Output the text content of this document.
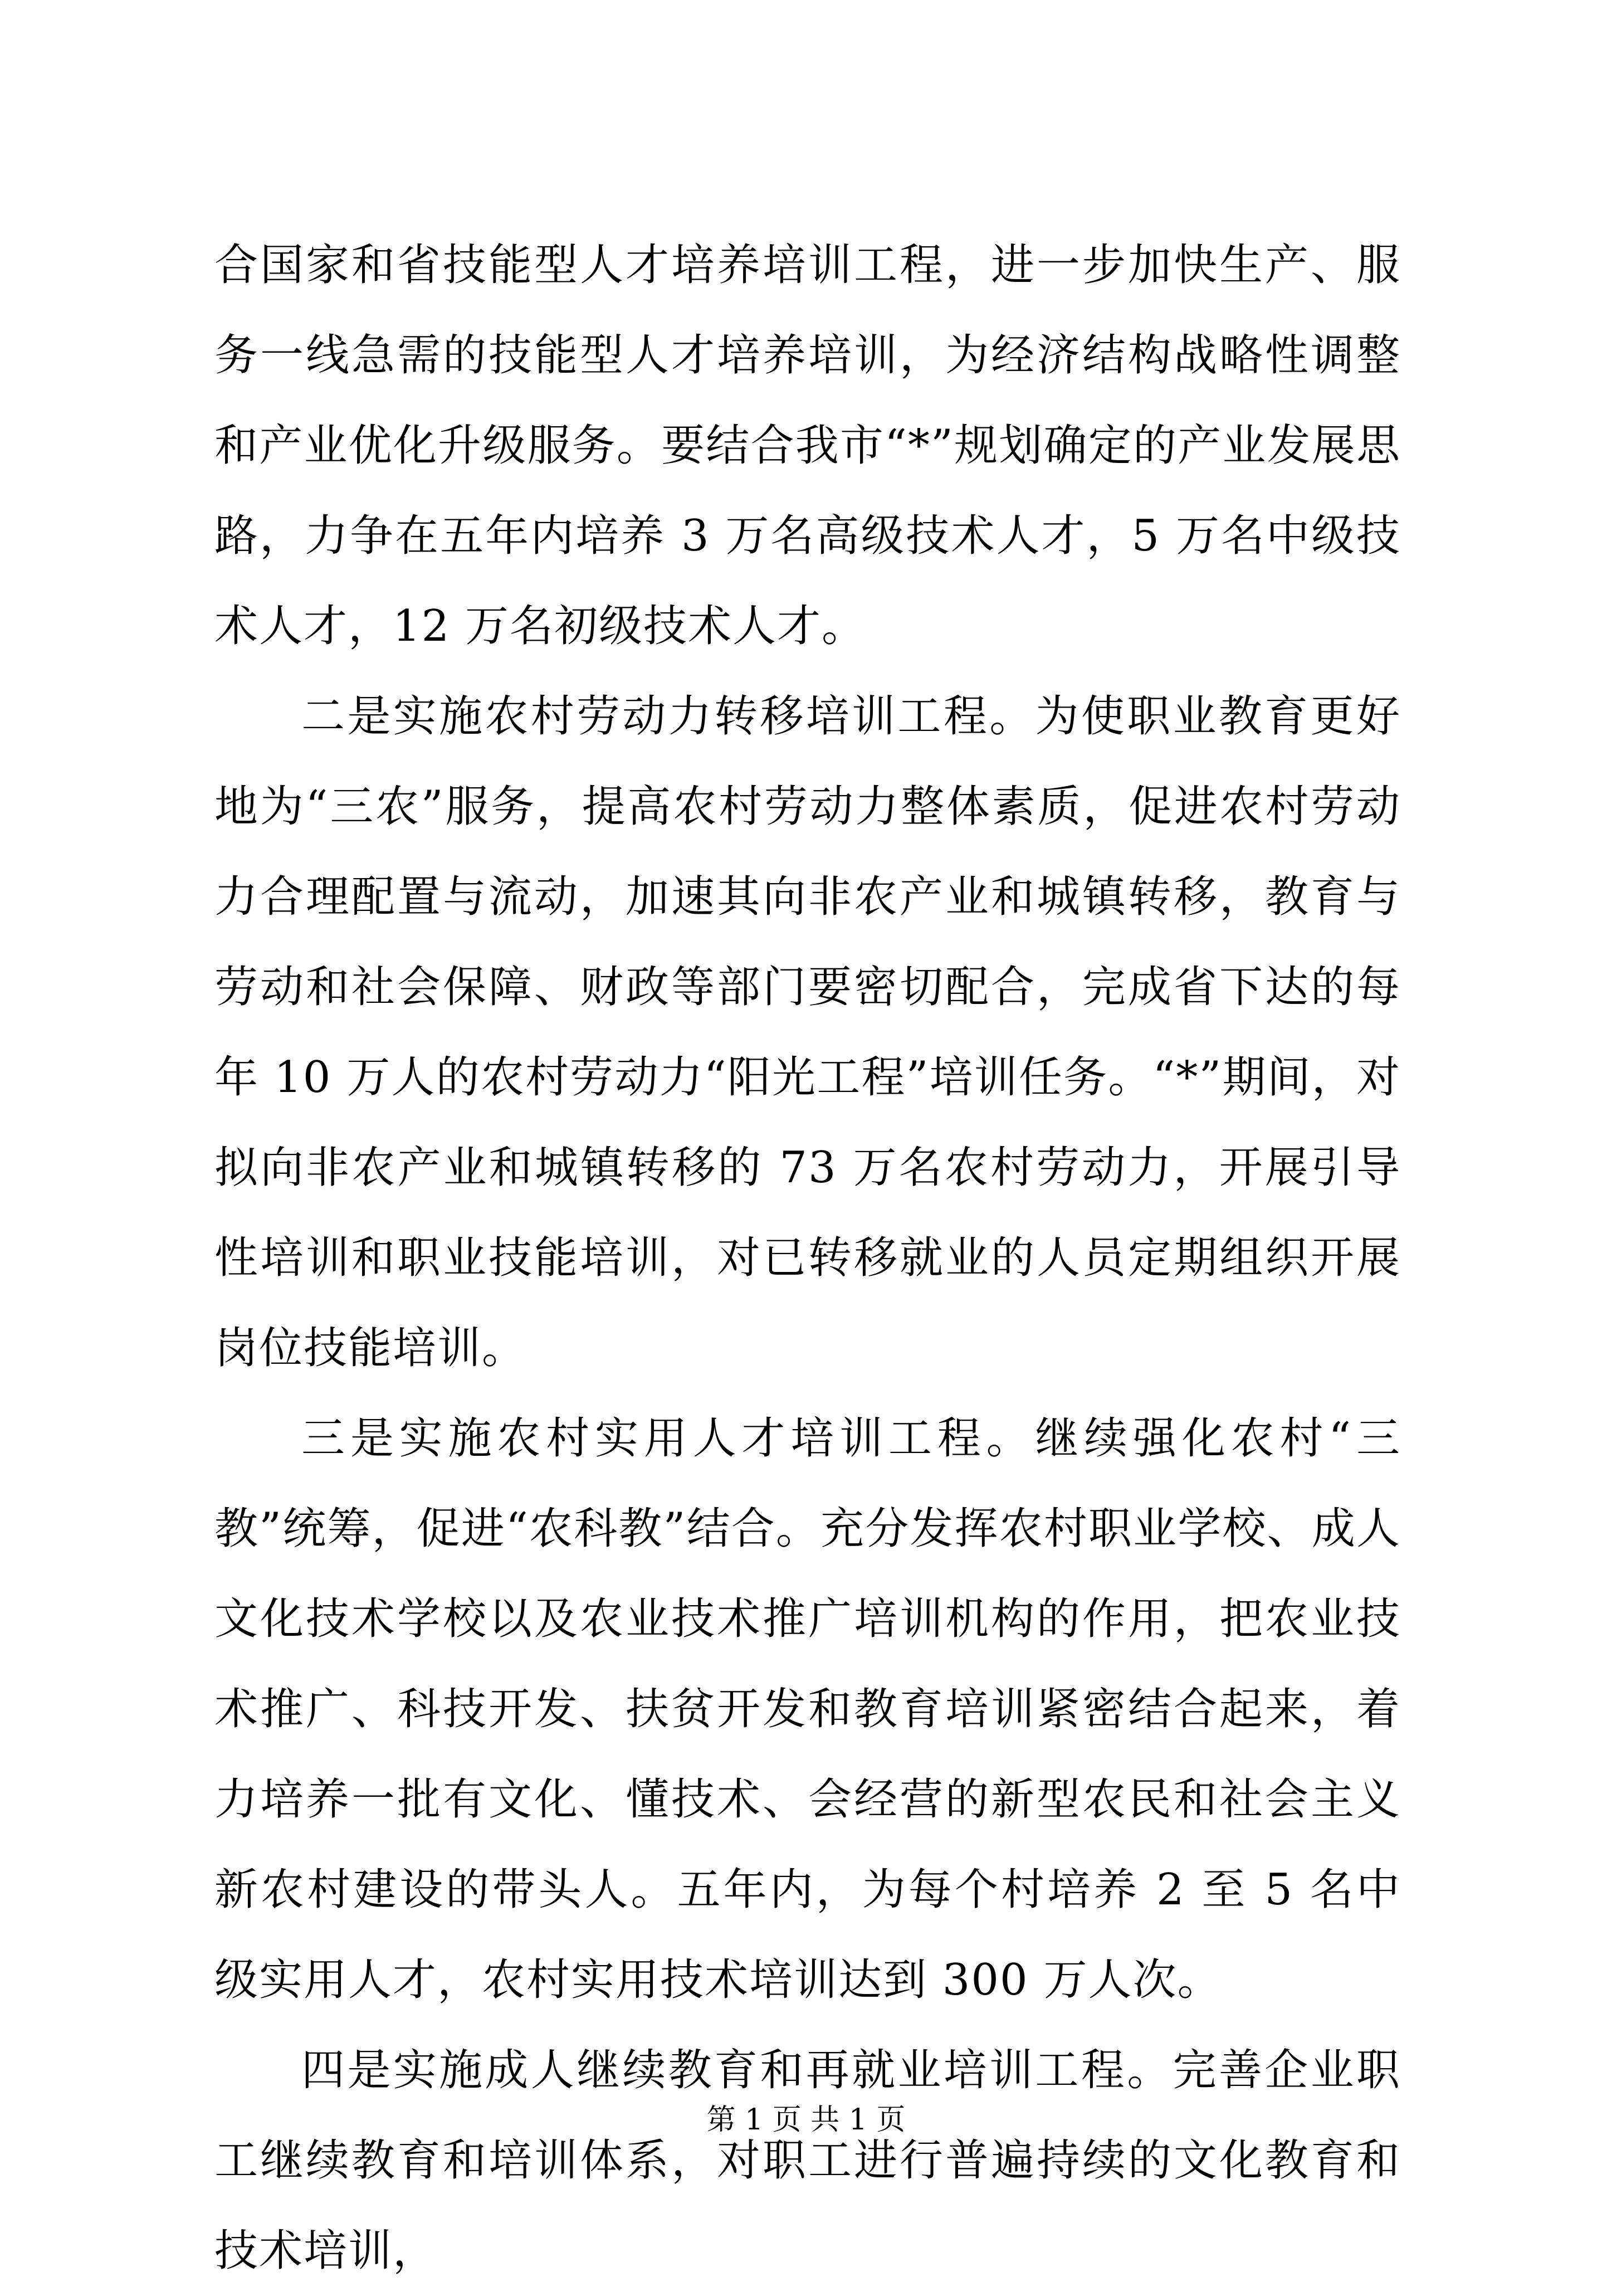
合国家和省技能型人才培养培训工程，进一步加快生产、服务一线急需的技能型人才培养培训，为经济结构战略性调整和产业优化升级服务。要结合我市“*”规划确定的产业发展思路，力争在五年内培养 3 万名高级技术人才，5 万名中级技术人才，12 万名初级技术人才。

二是实施农村劳动力转移培训工程。为使职业教育更好地为“三农”服务，提高农村劳动力整体素质，促进农村劳动力合理配置与流动，加速其向非农产业和城镇转移，教育与劳动和社会保障、财政等部门要密切配合，完成省下达的每年 10 万人的农村劳动力“阳光工程”培训任务。“*”期间，对拟向非农产业和城镇转移的 73 万名农村劳动力，开展引导性培训和职业技能培训，对已转移就业的人员定期组织开展岗位技能培训。

三是实施农村实用人才培训工程。继续强化农村“三教”统筹，促进“农科教”结合。充分发挥农村职业学校、成人文化技术学校以及农业技术推广培训机构的作用，把农业技术推广、科技开发、扶贫开发和教育培训紧密结合起来，着力培养一批有文化、懂技术、会经营的新型农民和社会主义新农村建设的带头人。五年内，为每个村培养 2 至 5 名中级实用人才，农村实用技术培训达到 300 万人次。

四是实施成人继续教育和再就业培训工程。完善企业职工继续教育和培训体系，对职工进行普遍持续的文化教育和技术培训，

第 1 页 共 1 页
